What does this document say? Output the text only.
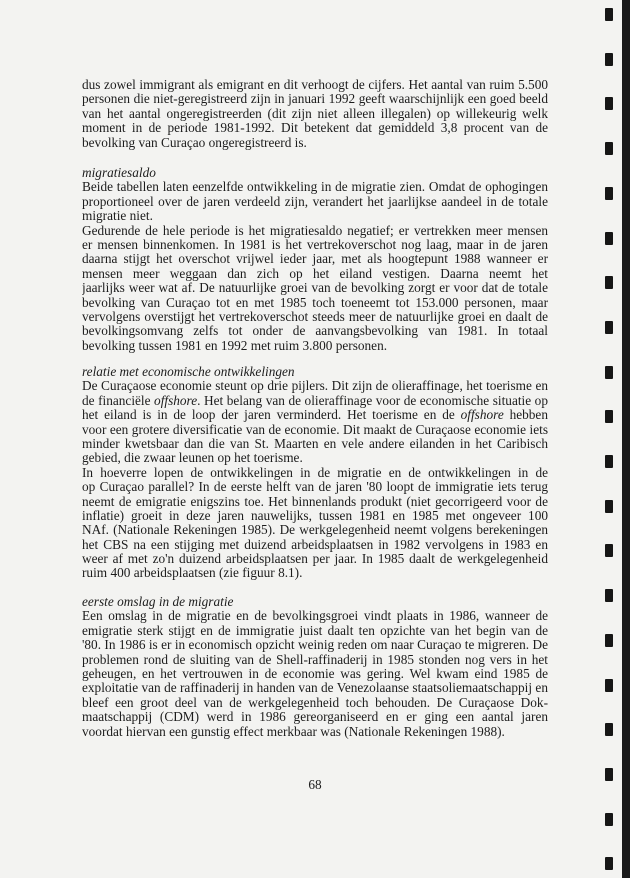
dus zowel immigrant als emigrant en dit verhoogt de cijfers. Het aantal van ruim 5.500
personen die niet-geregistreerd zijn in januari 1992 geeft waarschijnlijk een goed beeld
van het aantal ongeregistreerden (dit zijn niet alleen illegalen) op willekeurig welk
moment in de periode 1981-1992. Dit betekent dat gemiddeld 3,8 procent van de
bevolking van Curaçao ongeregistreerd is.
migratiesaldo
Beide tabellen laten eenzelfde ontwikkeling in de migratie zien. Omdat de ophogingen
proportioneel over de jaren verdeeld zijn, verandert het jaarlijkse aandeel in de totale
migratie niet.
Gedurende de hele periode is het migratiesaldo negatief; er vertrekken meer mensen
er mensen binnenkomen. In 1981 is het vertrekoverschot nog laag, maar in de jaren
daarna stijgt het overschot vrijwel ieder jaar, met als hoogtepunt 1988 wanneer er
mensen meer weggaan dan zich op het eiland vestigen. Daarna neemt het
jaarlijks weer wat af. De natuurlijke groei van de bevolking zorgt er voor dat de totale
bevolking van Curaçao tot en met 1985 toch toeneemt tot 153.000 personen, maar
vervolgens overstijgt het vertrekoverschot steeds meer de natuurlijke groei en daalt de
bevolkingsomvang zelfs tot onder de aanvangsbevolking van 1981. In totaal
bevolking tussen 1981 en 1992 met ruim 3.800 personen.
relatie met economische ontwikkelingen
De Curaçaose economie steunt op drie pijlers. Dit zijn de olieraffinage, het toerisme en
de financiële offshore. Het belang van de olieraffinage voor de economische situatie op
het eiland is in de loop der jaren verminderd. Het toerisme en de offshore hebben
voor een grotere diversificatie van de economie. Dit maakt de Curaçaose economie iets
minder kwetsbaar dan die van St. Maarten en vele andere eilanden in het Caribisch
gebied, die zwaar leunen op het toerisme.
In hoeverre lopen de ontwikkelingen in de migratie en de ontwikkelingen in de
op Curaçao parallel? In de eerste helft van de jaren '80 loopt de immigratie iets terug
neemt de emigratie enigszins toe. Het binnenlands produkt (niet gecorrigeerd voor de
inflatie) groeit in deze jaren nauwelijks, tussen 1981 en 1985 met ongeveer 100
NAf. (Nationale Rekeningen 1985). De werkgelegenheid neemt volgens berekeningen
het CBS na een stijging met duizend arbeidsplaatsen in 1982 vervolgens in 1983 en
weer af met zo'n duizend arbeidsplaatsen per jaar. In 1985 daalt de werkgelegenheid
ruim 400 arbeidsplaatsen (zie figuur 8.1).
eerste omslag in de migratie
Een omslag in de migratie en de bevolkingsgroei vindt plaats in 1986, wanneer de
emigratie sterk stijgt en de immigratie juist daalt ten opzichte van het begin van de
'80. In 1986 is er in economisch opzicht weinig reden om naar Curaçao te migreren. De
problemen rond de sluiting van de Shell-raffinaderij in 1985 stonden nog vers in het
geheugen, en het vertrouwen in de economie was gering. Wel kwam eind 1985 de
exploitatie van de raffinaderij in handen van de Venezolaanse staatsoliemaatschappij en
bleef een groot deel van de werkgelegenheid toch behouden. De Curaçaose Dok-
maatschappij (CDM) werd in 1986 gereorganiseerd en er ging een aantal jaren
voordat hiervan een gunstig effect merkbaar was (Nationale Rekeningen 1988).
68
